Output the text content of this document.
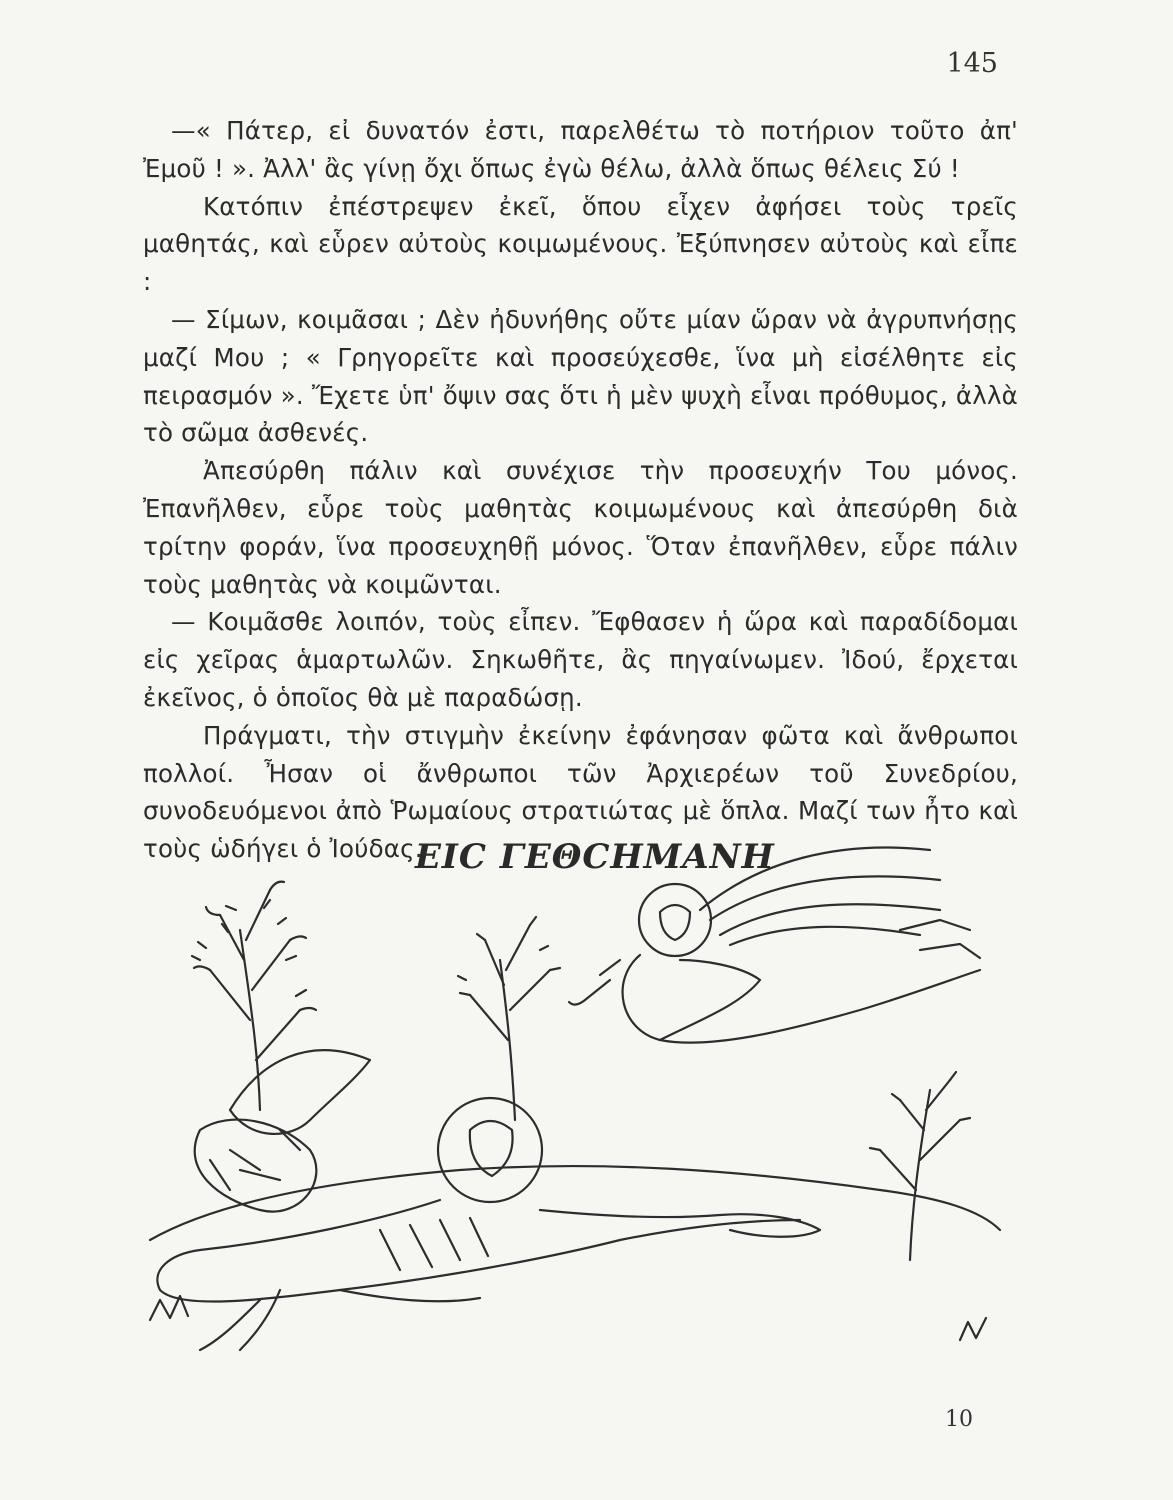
145

—« Πάτερ, εἰ δυνατόν ἐστι, παρελθέτω τὸ ποτήριον τοῦτο ἀπ' Ἐμοῦ ! ». Ἀλλ' ἂς γίνῃ ὄχι ὅπως ἐγὼ θέλω, ἀλλὰ ὅπως θέλεις Σύ !

Κατόπιν ἐπέστρεψεν ἐκεῖ, ὅπου εἶχεν ἀφήσει τοὺς τρεῖς μαθητάς, καὶ εὗρεν αὐτοὺς κοιμωμένους. Ἐξύπνησεν αὐτοὺς καὶ εἶπε :

— Σίμων, κοιμᾶσαι ; Δὲν ἠδυνήθης οὔτε μίαν ὥραν νὰ ἀγρυπνήσῃς μαζί Μου ; « Γρηγορεῖτε καὶ προσεύχεσθε, ἵνα μὴ εἰσέλθητε εἰς πειρασμόν ». Ἔχετε ὑπ' ὄψιν σας ὅτι ἡ μὲν ψυχὴ εἶναι πρόθυμος, ἀλλὰ τὸ σῶμα ἀσθενές.

Ἀπεσύρθη πάλιν καὶ συνέχισε τὴν προσευχήν Του μόνος. Ἐπανῆλθεν, εὗρε τοὺς μαθητὰς κοιμωμένους καὶ ἀπεσύρθη διὰ τρίτην φοράν, ἵνα προσευχηθῇ μόνος. Ὅταν ἐπανῆλθεν, εὗρε πάλιν τοὺς μαθητὰς νὰ κοιμῶνται.

— Κοιμᾶσθε λοιπόν, τοὺς εἶπεν. Ἔφθασεν ἡ ὥρα καὶ παραδίδομαι εἰς χεῖρας ἁμαρτωλῶν. Σηκωθῆτε, ἂς πηγαίνωμεν. Ἰδού, ἔρχεται ἐκεῖνος, ὁ ὁποῖος θὰ μὲ παραδώσῃ.

Πράγματι, τὴν στιγμὴν ἐκείνην ἐφάνησαν φῶτα καὶ ἄνθρωποι πολλοί. Ἦσαν οἱ ἄνθρωποι τῶν Ἀρχιερέων τοῦ Συνεδρίου, συνοδευόμενοι ἀπὸ Ῥωμαίους στρατιώτας μὲ ὅπλα. Μαζί των ἦτο καὶ τοὺς ὡδήγει ὁ Ἰούδας.

ΕΙC ΓΕΘCΗΜΑΝΗ
10
